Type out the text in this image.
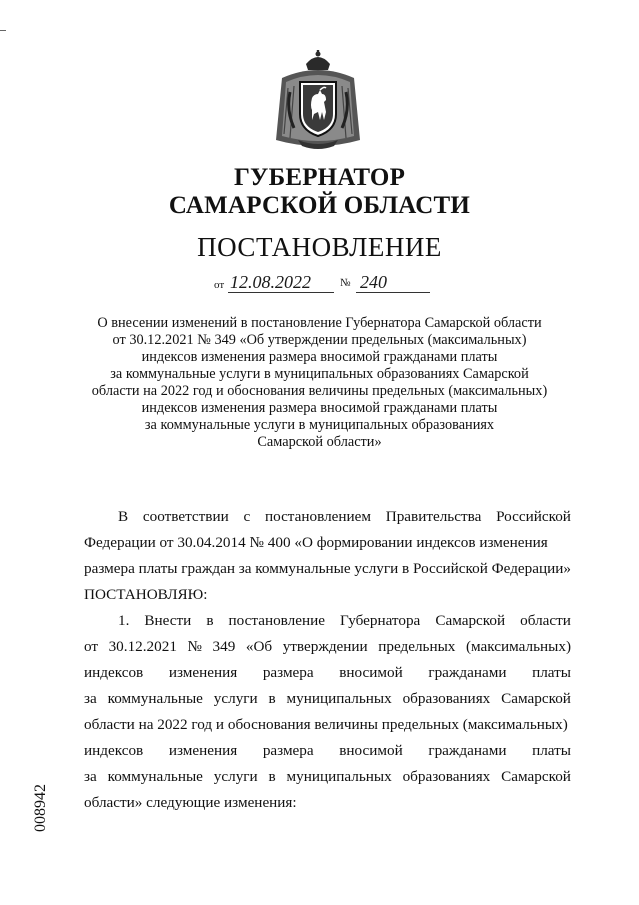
ГУБЕРНАТОР
САМАРСКОЙ ОБЛАСТИ
ПОСТАНОВЛЕНИЕ
от 12.08.2022	№ 240
О внесении изменений в постановление Губернатора Самарской области
от 30.12.2021 № 349 «Об утверждении предельных (максимальных)
индексов изменения размера вносимой гражданами платы
за коммунальные услуги в муниципальных образованиях Самарской
области на 2022 год и обоснования величины предельных (максимальных)
индексов изменения размера вносимой гражданами платы
за коммунальные услуги в муниципальных образованиях
Самарской области»
В соответствии с постановлением Правительства Российской
Федерации от 30.04.2014 № 400 «О формировании индексов изменения
размера платы граждан за коммунальные услуги в Российской Федерации»
ПОСТАНОВЛЯЮ:
1. Внести в постановление Губернатора Самарской области
от 30.12.2021 № 349 «Об утверждении предельных (максимальных)
индексов изменения размера вносимой гражданами платы
за коммунальные услуги в муниципальных образованиях Самарской
области на 2022 год и обоснования величины предельных (максимальных)
индексов изменения размера вносимой гражданами платы
за коммунальные услуги в муниципальных образованиях Самарской
области» следующие изменения:
008942
